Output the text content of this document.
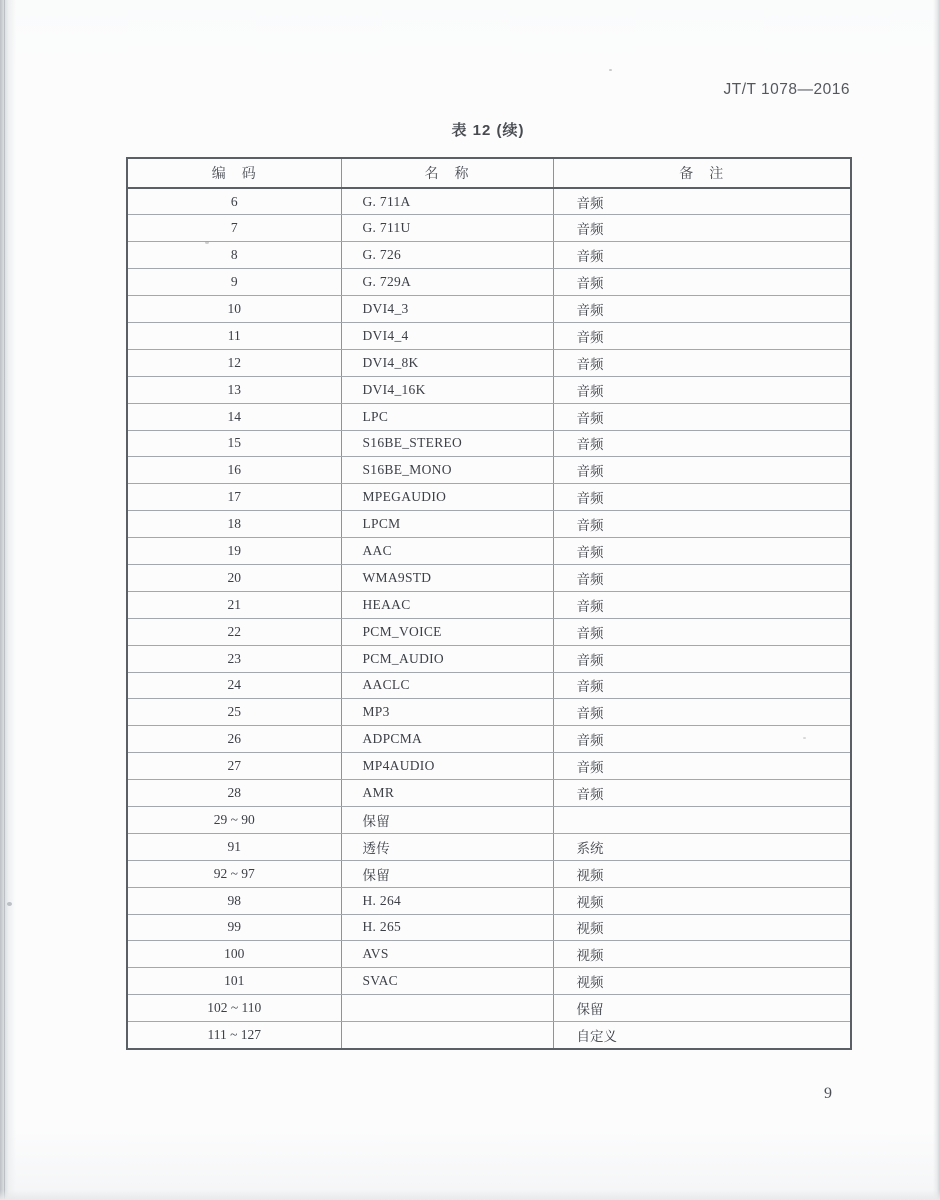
JT/T 1078—2016
表 12 (续)
编　码	名　称	备　注
6	G. 711A	音频
7	G. 711U	音频
8	G. 726	音频
9	G. 729A	音频
10	DVI4_3	音频
11	DVI4_4	音频
12	DVI4_8K	音频
13	DVI4_16K	音频
14	LPC	音频
15	S16BE_STEREO	音频
16	S16BE_MONO	音频
17	MPEGAUDIO	音频
18	LPCM	音频
19	AAC	音频
20	WMA9STD	音频
21	HEAAC	音频
22	PCM_VOICE	音频
23	PCM_AUDIO	音频
24	AACLC	音频
25	MP3	音频
26	ADPCMA	音频
27	MP4AUDIO	音频
28	AMR	音频
29 ~ 90	保留	
91	透传	系统
92 ~ 97	保留	视频
98	H. 264	视频
99	H. 265	视频
100	AVS	视频
101	SVAC	视频
102 ~ 110		保留
111 ~ 127		自定义
9
